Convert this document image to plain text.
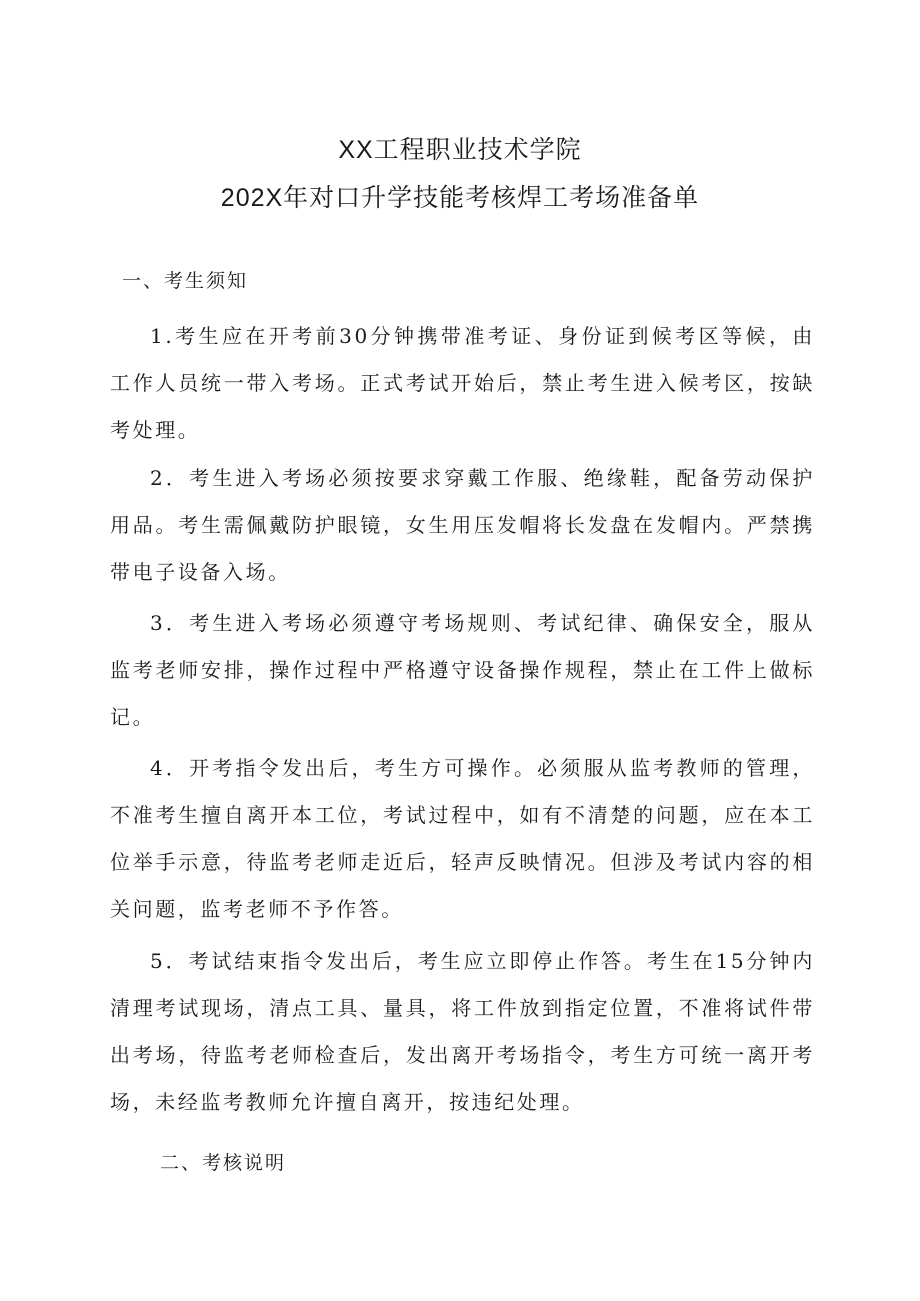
XX工程职业技术学院
202X年对口升学技能考核焊工考场准备单
一、考生须知

1.考生应在开考前30分钟携带准考证、身份证到候考区等候，由工作人员统一带入考场。正式考试开始后，禁止考生进入候考区，按缺考处理。

2．考生进入考场必须按要求穿戴工作服、绝缘鞋，配备劳动保护用品。考生需佩戴防护眼镜，女生用压发帽将长发盘在发帽内。严禁携带电子设备入场。

3．考生进入考场必须遵守考场规则、考试纪律、确保安全，服从监考老师安排，操作过程中严格遵守设备操作规程，禁止在工件上做标记。

4．开考指令发出后，考生方可操作。必须服从监考教师的管理，不准考生擅自离开本工位，考试过程中，如有不清楚的问题，应在本工位举手示意，待监考老师走近后，轻声反映情况。但涉及考试内容的相关问题，监考老师不予作答。

5．考试结束指令发出后，考生应立即停止作答。考生在15分钟内清理考试现场，清点工具、量具，将工件放到指定位置，不准将试件带出考场，待监考老师检查后，发出离开考场指令，考生方可统一离开考场，未经监考教师允许擅自离开，按违纪处理。

二、考核说明
